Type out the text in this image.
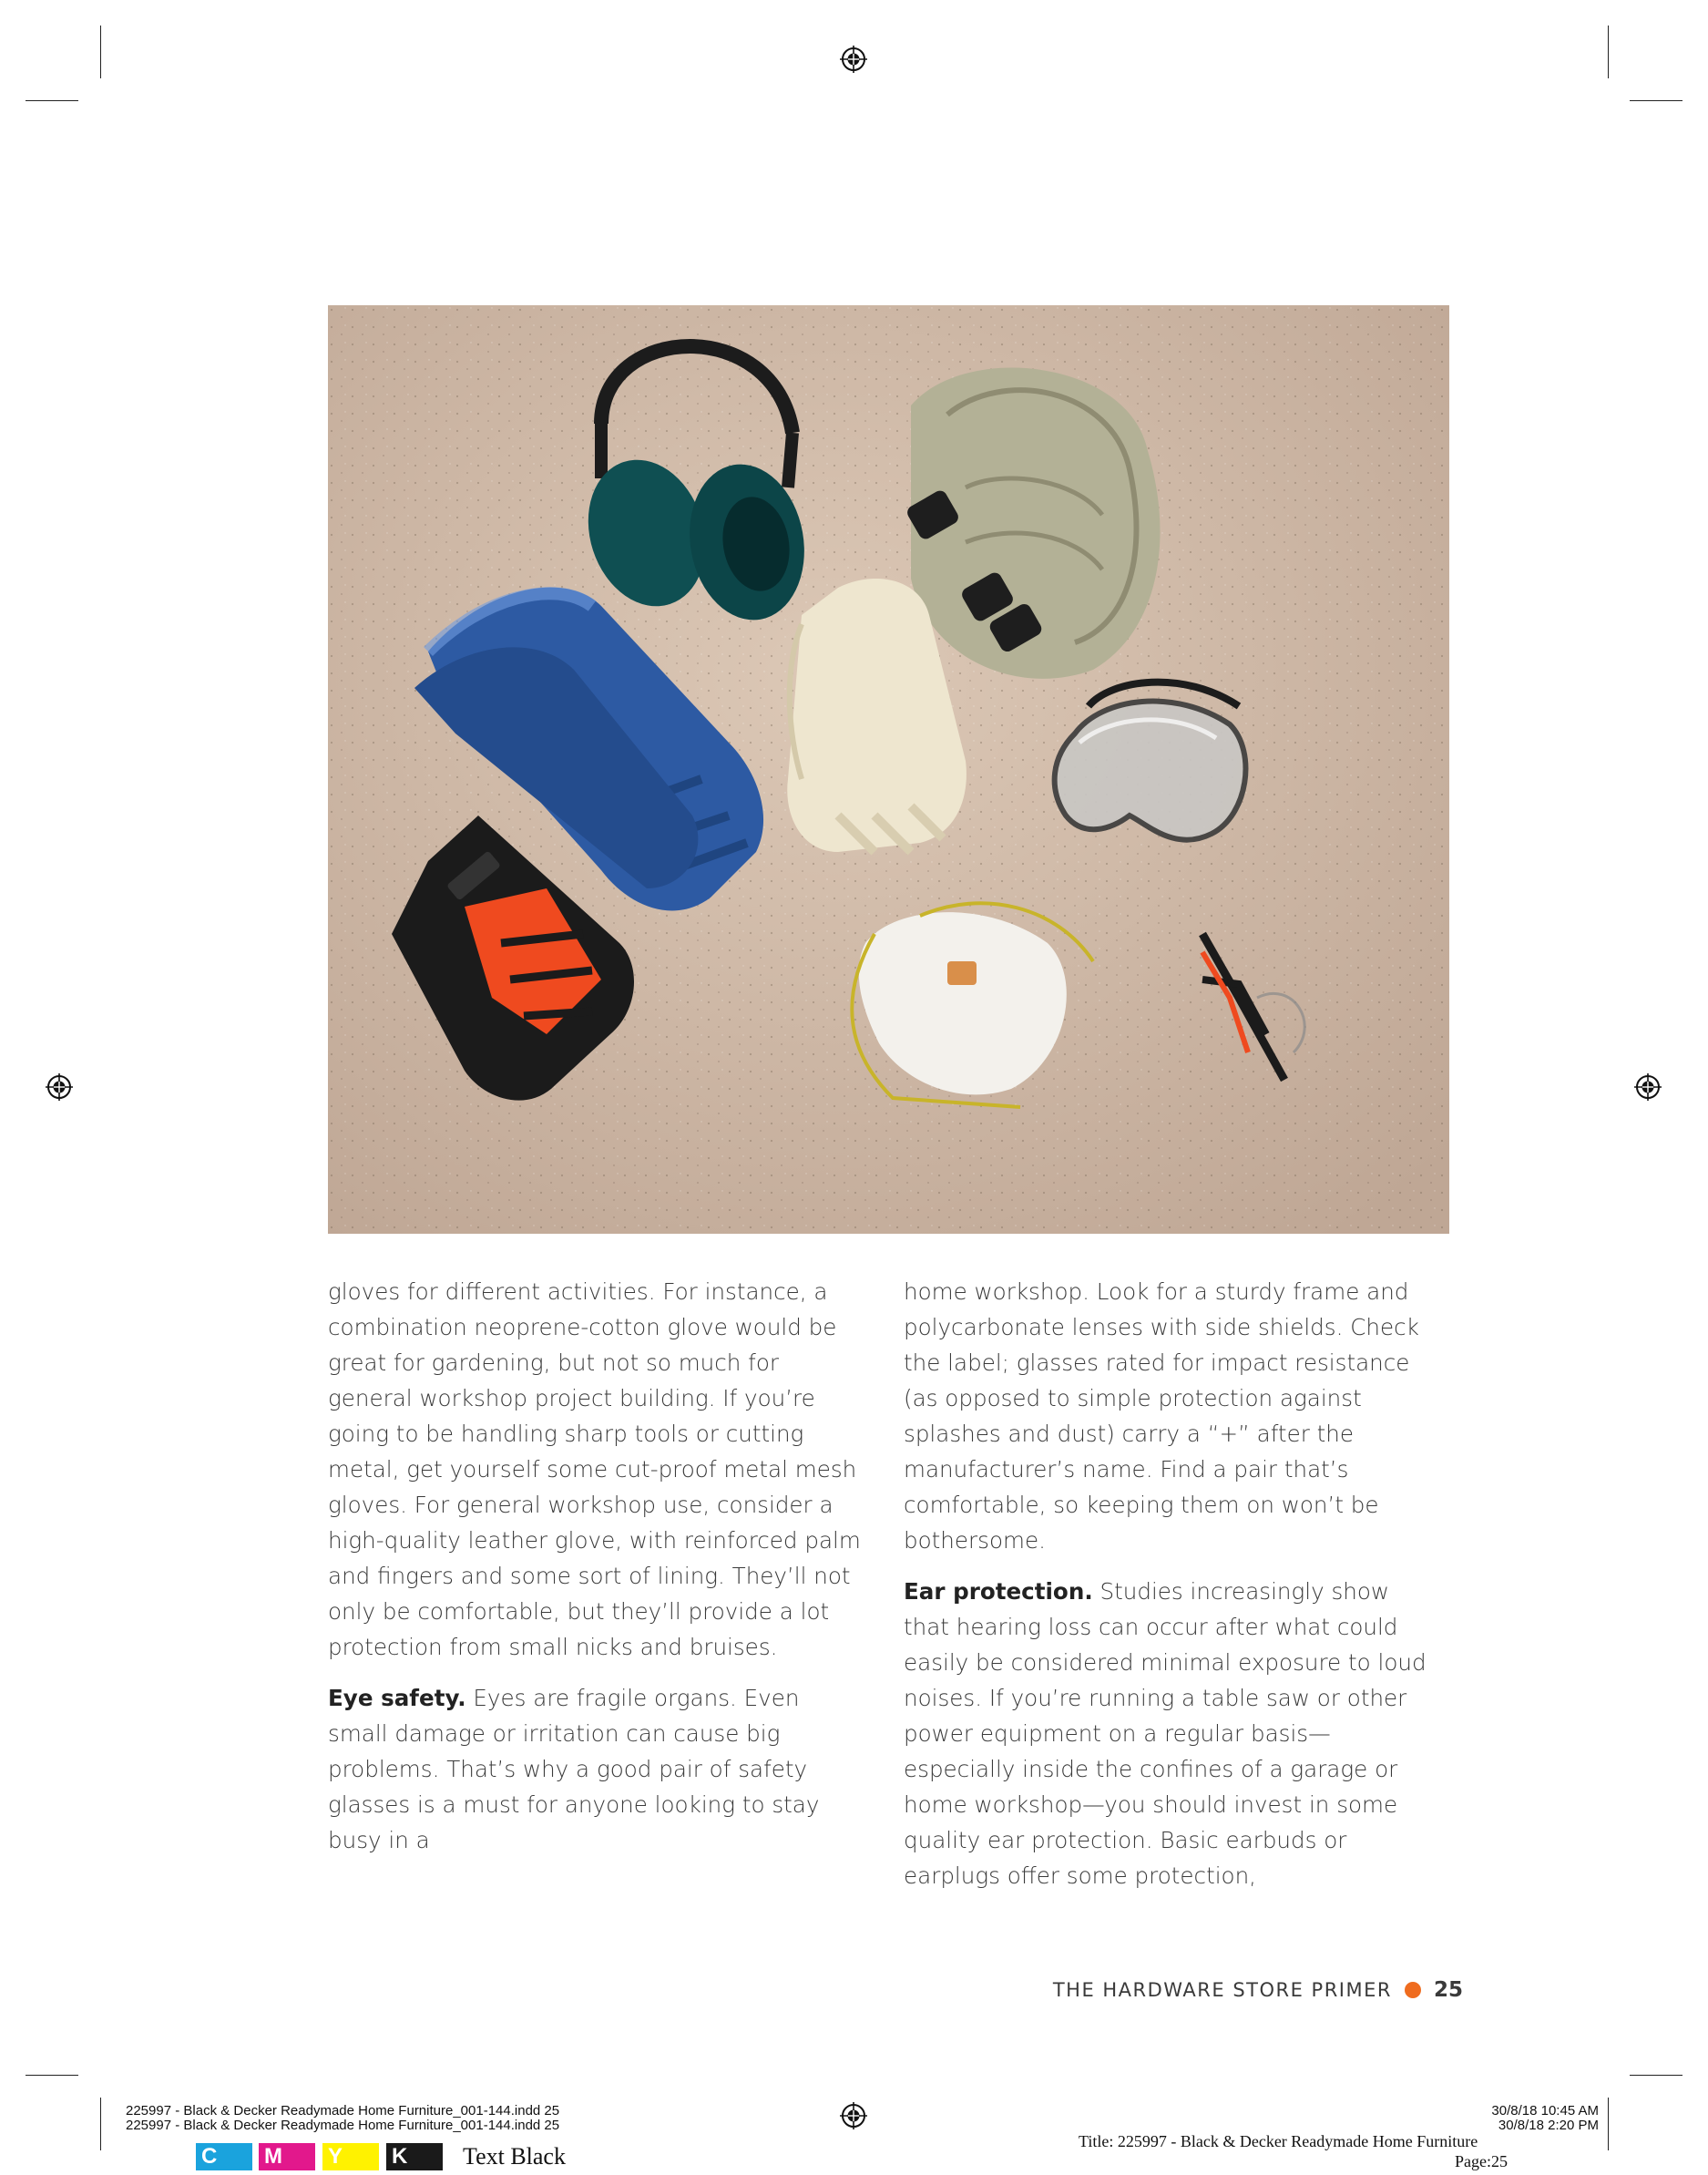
gloves for different activities. For instance, a combination neoprene-cotton glove would be great for gardening, but not so much for general workshop project building. If you’re going to be handling sharp tools or cutting metal, get yourself some cut-proof metal mesh gloves. For general workshop use, consider a high-quality leather glove, with reinforced palm and fingers and some sort of lining. They’ll not only be comfortable, but they’ll provide a lot protection from small nicks and bruises.

Eye safety. Eyes are fragile organs. Even small damage or irritation can cause big problems. That’s why a good pair of safety glasses is a must for anyone looking to stay busy in a

home workshop. Look for a sturdy frame and polycarbonate lenses with side shields. Check the label; glasses rated for impact resistance (as opposed to simple protection against splashes and dust) carry a “+” after the manufacturer’s name. Find a pair that’s comfortable, so keeping them on won’t be bothersome.

Ear protection. Studies increasingly show that hearing loss can occur after what could easily be considered minimal exposure to loud noises. If you’re running a table saw or other power equipment on a regular basis—especially inside the confines of a garage or home workshop—you should invest in some quality ear protection. Basic earbuds or earplugs offer some protection,

THE HARDWARE STORE PRIMER 25
225997 - Black & Decker Readymade Home Furniture_001-144.indd 25
225997 - Black & Decker Readymade Home Furniture_001-144.indd 25
30/8/18 10:45 AM
30/8/18 2:20 PM
Title: 225997 - Black & Decker Readymade Home Furniture
Page:25
C	M	Y	K	Text Black
